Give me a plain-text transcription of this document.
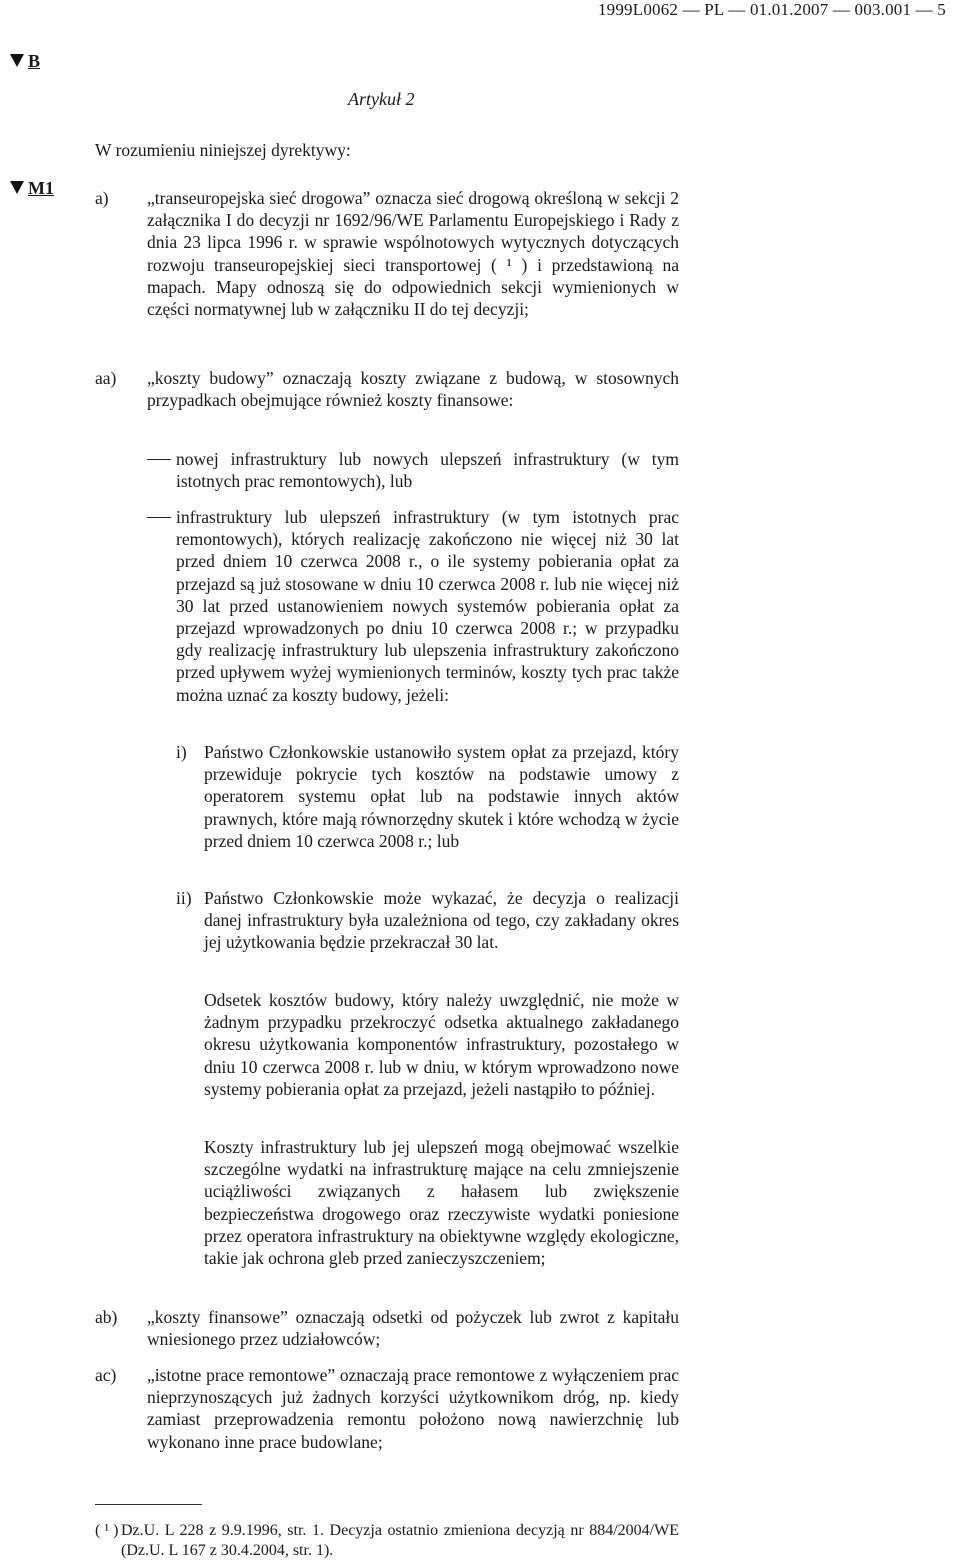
1999L0062 — PL — 01.01.2007 — 003.001 — 5
B
M1
Artykuł 2
W rozumieniu niniejszej dyrektywy:
a) „transeuropejska sieć drogowa” oznacza sieć drogową określoną w sekcji 2 załącznika I do decyzji nr 1692/96/WE Parlamentu Europejskiego i Rady z dnia 23 lipca 1996 r. w sprawie wspólnotowych wytycznych dotyczących rozwoju transeuropejskiej sieci transportowej ( ¹ ) i przedstawioną na mapach. Mapy odnoszą się do odpowiednich sekcji wymienionych w części normatywnej lub w załączniku II do tej decyzji;
aa) „koszty budowy” oznaczają koszty związane z budową, w stosownych przypadkach obejmujące również koszty finansowe:
nowej infrastruktury lub nowych ulepszeń infrastruktury (w tym istotnych prac remontowych), lub
infrastruktury lub ulepszeń infrastruktury (w tym istotnych prac remontowych), których realizację zakończono nie więcej niż 30 lat przed dniem 10 czerwca 2008 r., o ile systemy pobierania opłat za przejazd są już stosowane w dniu 10 czerwca 2008 r. lub nie więcej niż 30 lat przed ustanowieniem nowych systemów pobierania opłat za przejazd wprowadzonych po dniu 10 czerwca 2008 r.; w przypadku gdy realizację infrastruktury lub ulepszenia infrastruktury zakończono przed upływem wyżej wymienionych terminów, koszty tych prac także można uznać za koszty budowy, jeżeli:
i) Państwo Członkowskie ustanowiło system opłat za przejazd, który przewiduje pokrycie tych kosztów na podstawie umowy z operatorem systemu opłat lub na podstawie innych aktów prawnych, które mają równorzędny skutek i które wchodzą w życie przed dniem 10 czerwca 2008 r.; lub
ii) Państwo Członkowskie może wykazać, że decyzja o realizacji danej infrastruktury była uzależniona od tego, czy zakładany okres jej użytkowania będzie przekraczał 30 lat.
Odsetek kosztów budowy, który należy uwzględnić, nie może w żadnym przypadku przekroczyć odsetka aktualnego zakładanego okresu użytkowania komponentów infrastruktury, pozostałego w dniu 10 czerwca 2008 r. lub w dniu, w którym wprowadzono nowe systemy pobierania opłat za przejazd, jeżeli nastąpiło to później.
Koszty infrastruktury lub jej ulepszeń mogą obejmować wszelkie szczególne wydatki na infrastrukturę mające na celu zmniejszenie uciążliwości związanych z hałasem lub zwiększenie bezpieczeństwa drogowego oraz rzeczywiste wydatki poniesione przez operatora infrastruktury na obiektywne względy ekologiczne, takie jak ochrona gleb przed zanieczyszczeniem;
ab) „koszty finansowe” oznaczają odsetki od pożyczek lub zwrot z kapitału wniesionego przez udziałowców;
ac) „istotne prace remontowe” oznaczają prace remontowe z wyłączeniem prac nieprzynoszących już żadnych korzyści użytkownikom dróg, np. kiedy zamiast przeprowadzenia remontu położono nową nawierzchnię lub wykonano inne prace budowlane;
( ¹ ) Dz.U. L 228 z 9.9.1996, str. 1. Decyzja ostatnio zmieniona decyzją nr 884/2004/WE (Dz.U. L 167 z 30.4.2004, str. 1).
